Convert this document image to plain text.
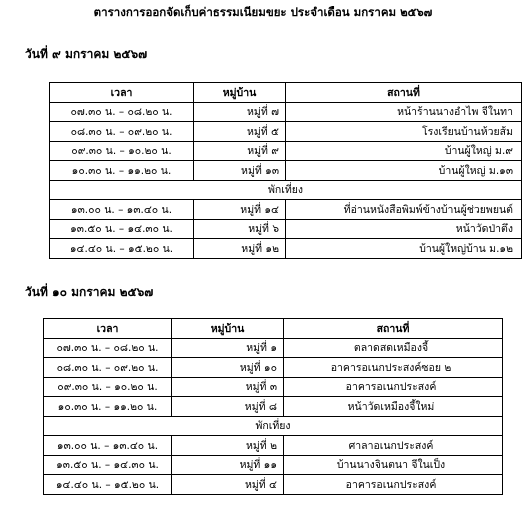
ตารางการออกจัดเก็บค่าธรรมเนียมขยะ ประจำเดือน มกราคม ๒๕๖๗
วันที่ ๙ มกราคม ๒๕๖๗
เวลา	หมู่บ้าน	สถานที่
๐๗.๓๐ น. – ๐๘.๒๐ น.	หมู่ที่ ๗	หน้าร้านนางอำไพ จีในทา
๐๘.๓๐ น. – ๐๙.๒๐ น.	หมู่ที่ ๕	โรงเรียนบ้านห้วยส้ม
๐๙.๓๐ น. – ๑๐.๒๐ น.	หมู่ที่ ๙	บ้านผู้ใหญ่ ม.๙
๑๐.๓๐ น. – ๑๑.๒๐ น.	หมู่ที่ ๑๓	บ้านผู้ใหญ่ ม.๑๓
พักเที่ยง		
๑๓.๐๐ น. – ๑๓.๔๐ น.	หมู่ที่ ๑๔	ที่อ่านหนังสือพิมพ์ข้างบ้านผู้ช่วยพยนต์
๑๓.๕๐ น. – ๑๔.๓๐ น.	หมู่ที่ ๖	หน้าวัดป่าตึง
๑๔.๔๐ น. – ๑๕.๒๐ น.	หมู่ที่ ๑๒	บ้านผู้ใหญ่บ้าน ม.๑๒
วันที่ ๑๐ มกราคม ๒๕๖๗
เวลา	หมู่บ้าน	สถานที่
๐๗.๓๐ น. – ๐๘.๒๐ น.	หมู่ที่ ๑	ตลาดสดเหมืองจี้
๐๘.๓๐ น. – ๐๙.๒๐ น.	หมู่ที่ ๑๐	อาคารอเนกประสงค์ซอย ๒
๐๙.๓๐ น. – ๑๐.๒๐ น.	หมู่ที่ ๓	อาคารอเนกประสงค์
๑๐.๓๐ น. – ๑๑.๒๐ น.	หมู่ที่ ๘	หน้าวัดเหมืองจี้ใหม่
พักเที่ยง		
๑๓.๐๐ น. – ๑๓.๔๐ น.	หมู่ที่ ๒	ศาลาอเนกประสงค์
๑๓.๕๐ น. – ๑๔.๓๐ น.	หมู่ที่ ๑๑	บ้านนางจินตนา จีในเป็ง
๑๔.๔๐ น. – ๑๕.๒๐ น.	หมู่ที่ ๔	อาคารอเนกประสงค์
